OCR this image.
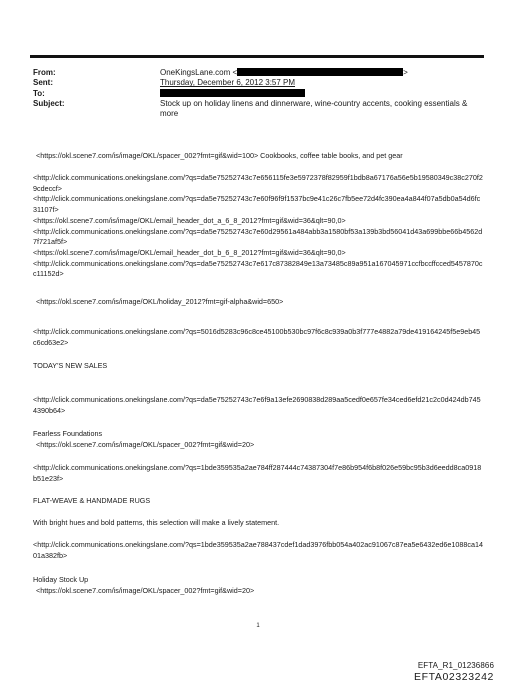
From:	OneKingsLane.com <	>
Sent:	Thursday, December 6, 2012 3:57 PM
To:
Subject:	Stock up on holiday linens and dinnerware, wine-country accents, cooking essentials & more
<https://okl.scene7.com/is/image/OKL/spacer_002?fmt=gif&wid=100> Cookbooks, coffee table books, and pet gear
<http://click.communications.onekingslane.com/?qs=da5e75252743c7e656115fe3e5972378f82959f1bdb8a67176a56e5b19580349c38c270f29cdeccf>
<http://click.communications.onekingslane.com/?qs=da5e75252743c7e60f96f9f1537bc9e41c26c7fb5ee72d4fc390ea4a844f07a5db0a54d6fc31107f>
<https://okl.scene7.com/is/image/OKL/email_header_dot_a_6_8_2012?fmt=gif&wid=36&qlt=90,0>
<http://click.communications.onekingslane.com/?qs=da5e75252743c7e60d29561a484abb3a1580bf53a139b3bd56041d43a699bbe66b4562d7f721af5f>
<https://okl.scene7.com/is/image/OKL/email_header_dot_b_6_8_2012?fmt=gif&wid=36&qlt=90,0>
<http://click.communications.onekingslane.com/?qs=da5e75252743c7e617c87382849e13a73485c89a951a167045971ccfbccffcced5457870cc11152d>
<https://okl.scene7.com/is/image/OKL/holiday_2012?fmt=gif-alpha&wid=650>
<http://click.communications.onekingslane.com/?qs=5016d5283c96c8ce45100b530bc97f6c8c939a0b3f777e4882a79de419164245f5e9eb45c6cd63e2>
TODAY'S NEW SALES
<http://click.communications.onekingslane.com/?qs=da5e75252743c7e6f9a13efe2690838d289aa5cedf0e657fe34ced6efd21c2c0d424db7454390b64>
Fearless Foundations
<https://okl.scene7.com/is/image/OKL/spacer_002?fmt=gif&wid=20>
<http://click.communications.onekingslane.com/?qs=1bde359535a2ae784ff287444c74387304f7e86b954f6b8f026e59bc95b3d6eedd8ca0918b51e23f>
FLAT-WEAVE & HANDMADE RUGS
With bright hues and bold patterns, this selection will make a lively statement.
<http://click.communications.onekingslane.com/?qs=1bde359535a2ae788437cdef1dad3976fbb054a402ac91067c87ea5e6432ed6e1088ca1401a382fb>
Holiday Stock Up
<https://okl.scene7.com/is/image/OKL/spacer_002?fmt=gif&wid=20>
1
EFTA_R1_01236866
EFTA02323242
